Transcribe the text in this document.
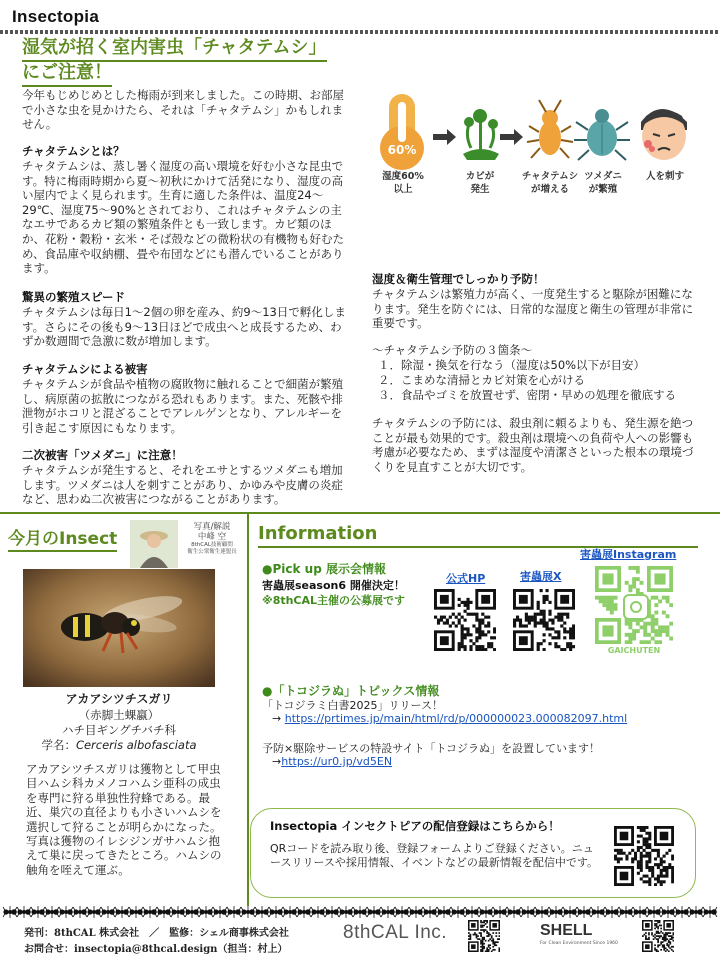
Insectopia
湿気が招く室内害虫「チャタテムシ」
にご注意！
今年もじめじめとした梅雨が到来しました。この時期、お部屋で小さな虫を見かけたら、それは「チャタテムシ」かもしれません。
チャタテムシとは？
チャタテムシは、蒸し暑く湿度の高い環境を好む小さな昆虫です。特に梅雨時期から夏～初秋にかけて活発になり、湿度の高い屋内でよく見られます。生育に適した条件は、温度24～29℃、湿度75～90%とされており、これはチャタテムシの主なエサであるカビ類の繁殖条件とも一致します。カビ類のほか、花粉・穀粉・玄米・そば殻などの微粉状の有機物も好むため、食品庫や収納棚、畳や布団などにも潜んでいることがあります。
驚異の繁殖スピード
チャタテムシは毎日1～2個の卵を産み、約9～13日で孵化します。さらにその後も9～13日ほどで成虫へと成長するため、わずか数週間で急激に数が増加します。
チャタテムシによる被害
チャタテムシが食品や植物の腐敗物に触れることで細菌が繁殖し、病原菌の拡散につながる恐れもあります。また、死骸や排泄物がホコリと混ざることでアレルゲンとなり、アレルギーを引き起こす原因にもなります。
二次被害「ツメダニ」に注意！
チャタテムシが発生すると、それをエサとするツメダニも増加します。ツメダニは人を刺すことがあり、かゆみや皮膚の炎症など、思わぬ二次被害につながることがあります。
60%
湿度60%
以上
カビが
発生
チャタテムシ
が増える
ツメダニ
が繁殖
人を刺す
湿度＆衛生管理でしっかり予防！
チャタテムシは繁殖力が高く、一度発生すると駆除が困難になります。発生を防ぐには、日常的な湿度と衛生の管理が非常に重要です。
～チャタテムシ予防の３箇条～
１．除湿・換気を行なう（湿度は50%以下が目安）
２．こまめな清掃とカビ対策を心がける
３．食品やゴミを放置せず、密閉・早めの処理を徹底する
チャタテムシの予防には、殺虫剤に頼るよりも、発生源を絶つことが最も効果的です。殺虫剤は環境への負荷や人への影響も考慮が必要なため、まずは湿度や清潔さといった根本の環境づくりを見直すことが大切です。
今月のInsect
写真/解説
中峰 空
8thCAL技術顧問
衛生公衆衛生連盟長
アカアシツチスガリ
（赤脚土蜾蠃）
ハチ目ギングチバチ科
学名：Cerceris albofasciata
アカアシツチスガリは獲物として甲虫目ハムシ科カメノコハムシ亜科の成虫を専門に狩る単独性狩蜂である。最近、巣穴の直径よりも小さいハムシを選択して狩ることが明らかになった。写真は獲物のイレシジンガサハムシ抱えて巣に戻ってきたところ。ハムシの触角を咥えて運ぶ。
Information
●Pick up 展示会情報
害蟲展season6 開催決定！
※8thCAL主催の公募展です
公式HP	害蟲展X
害蟲展Instagram
GAICHUTEN
●「トコジラぬ」トピックス情報
「トコジラミ白書2025」リリース！
→ https://prtimes.jp/main/html/rd/p/000000023.000082097.html
予防×駆除サービスの特設サイト「トコジラぬ」を設置しています！
→https://ur0.jp/vd5EN
Insectopia インセクトピアの配信登録はこちらから！
QRコードを読み取り後、登録フォームよりご登録ください。ニュースリリースや採用情報、イベントなどの最新情報を配信中です。
発刊：8thCAL 株式会社　／　監修：シェル商事株式会社
お問合せ：insectopia@8thcal.design（担当：村上）
8thCAL Inc.	SHELL
For Clean Environment Since 1960
